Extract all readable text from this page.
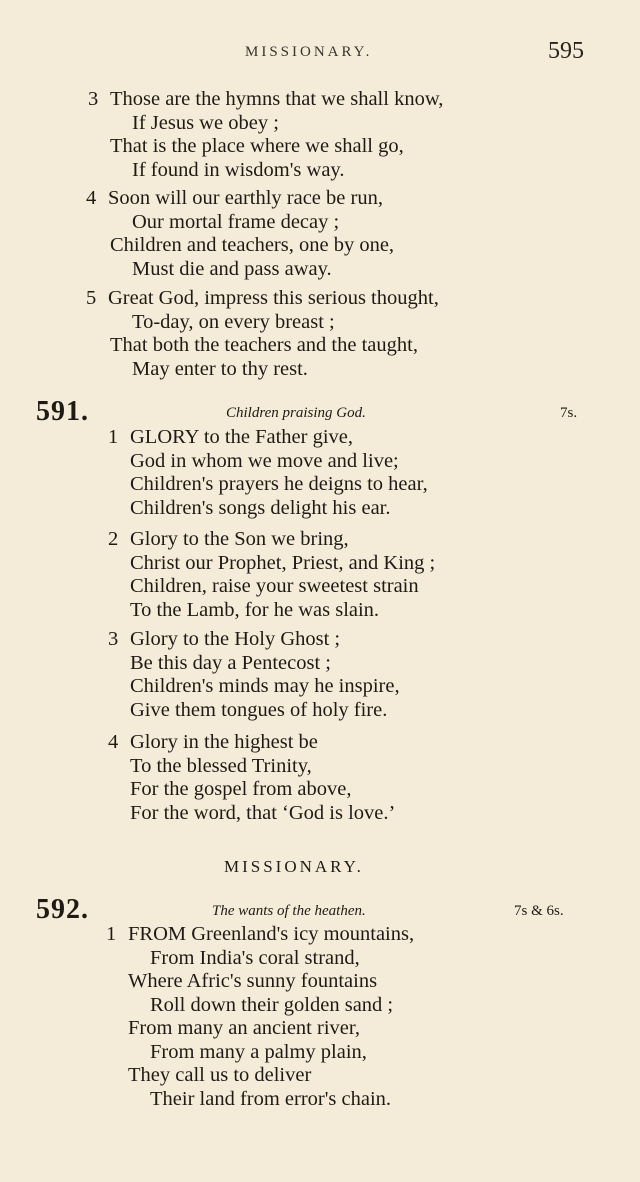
MISSIONARY.	595
3 Those are the hymns that we shall know,
If Jesus we obey ;
That is the place where we shall go,
If found in wisdom's way.
4 Soon will our earthly race be run,
Our mortal frame decay ;
Children and teachers, one by one,
Must die and pass away.
5 Great God, impress this serious thought,
To-day, on every breast ;
That both the teachers and the taught,
May enter to thy rest.
591.	Children praising God.	7s.
1 GLORY to the Father give,
God in whom we move and live;
Children's prayers he deigns to hear,
Children's songs delight his ear.
2 Glory to the Son we bring,
Christ our Prophet, Priest, and King ;
Children, raise your sweetest strain
To the Lamb, for he was slain.
3 Glory to the Holy Ghost ;
Be this day a Pentecost ;
Children's minds may he inspire,
Give them tongues of holy fire.
4 Glory in the highest be
To the blessed Trinity,
For the gospel from above,
For the word, that ‘God is love.’
MISSIONARY.
592.	The wants of the heathen.	7s & 6s.
1 FROM Greenland's icy mountains,
From India's coral strand,
Where Afric's sunny fountains
Roll down their golden sand ;
From many an ancient river,
From many a palmy plain,
They call us to deliver
Their land from error's chain.
